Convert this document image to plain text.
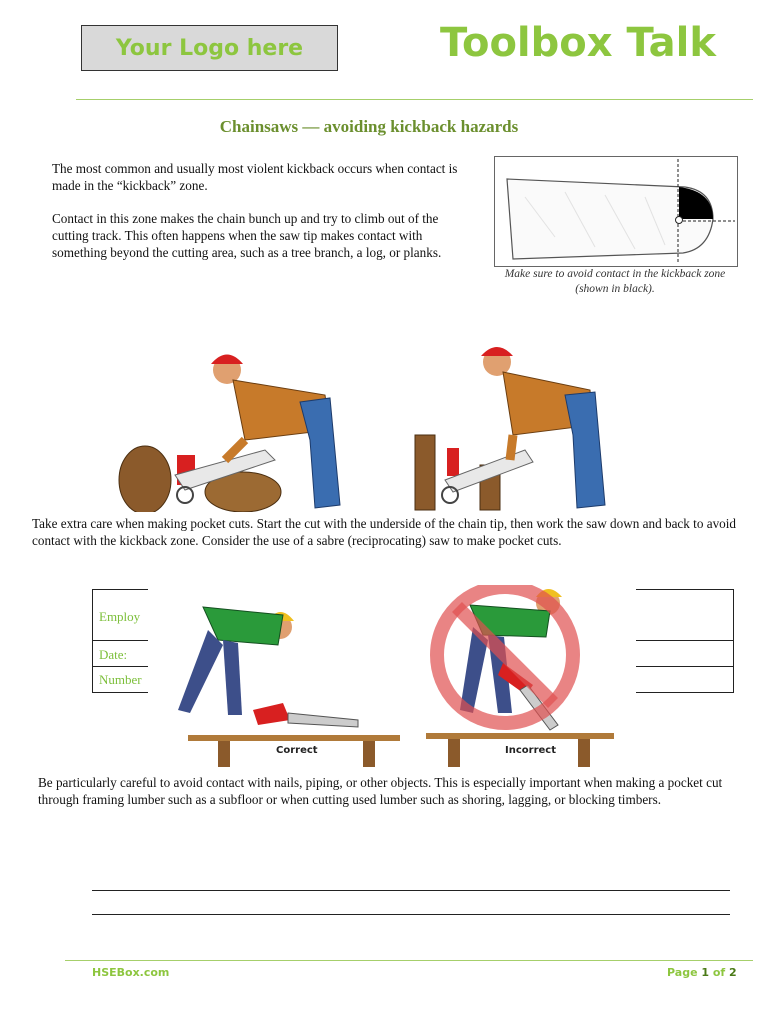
Your Logo here	Toolbox Talk
Chainsaws — avoiding kickback hazards
The most common and usually most violent kickback occurs when contact is made in the “kickback” zone.
Contact in this zone makes the chain bunch up and try to climb out of the cutting track. This often happens when the saw tip makes contact with something beyond the cutting area, such as a tree branch, a log, or planks.
Make sure to avoid contact in the kickback zone (shown in black).
Take extra care when making pocket cuts. Start the cut with the underside of the chain tip, then work the saw down and back to avoid contact with the kickback zone. Consider the use of a sabre (reciprocating) saw to make pocket cuts.
Employ
Date:
Number
Correct	Incorrect
Be particularly careful to avoid contact with nails, piping, or other objects. This is especially important when making a pocket cut through framing lumber such as a subfloor or when cutting used lumber such as shoring, lagging, or blocking timbers.
HSEBox.com	Page 1 of 2
